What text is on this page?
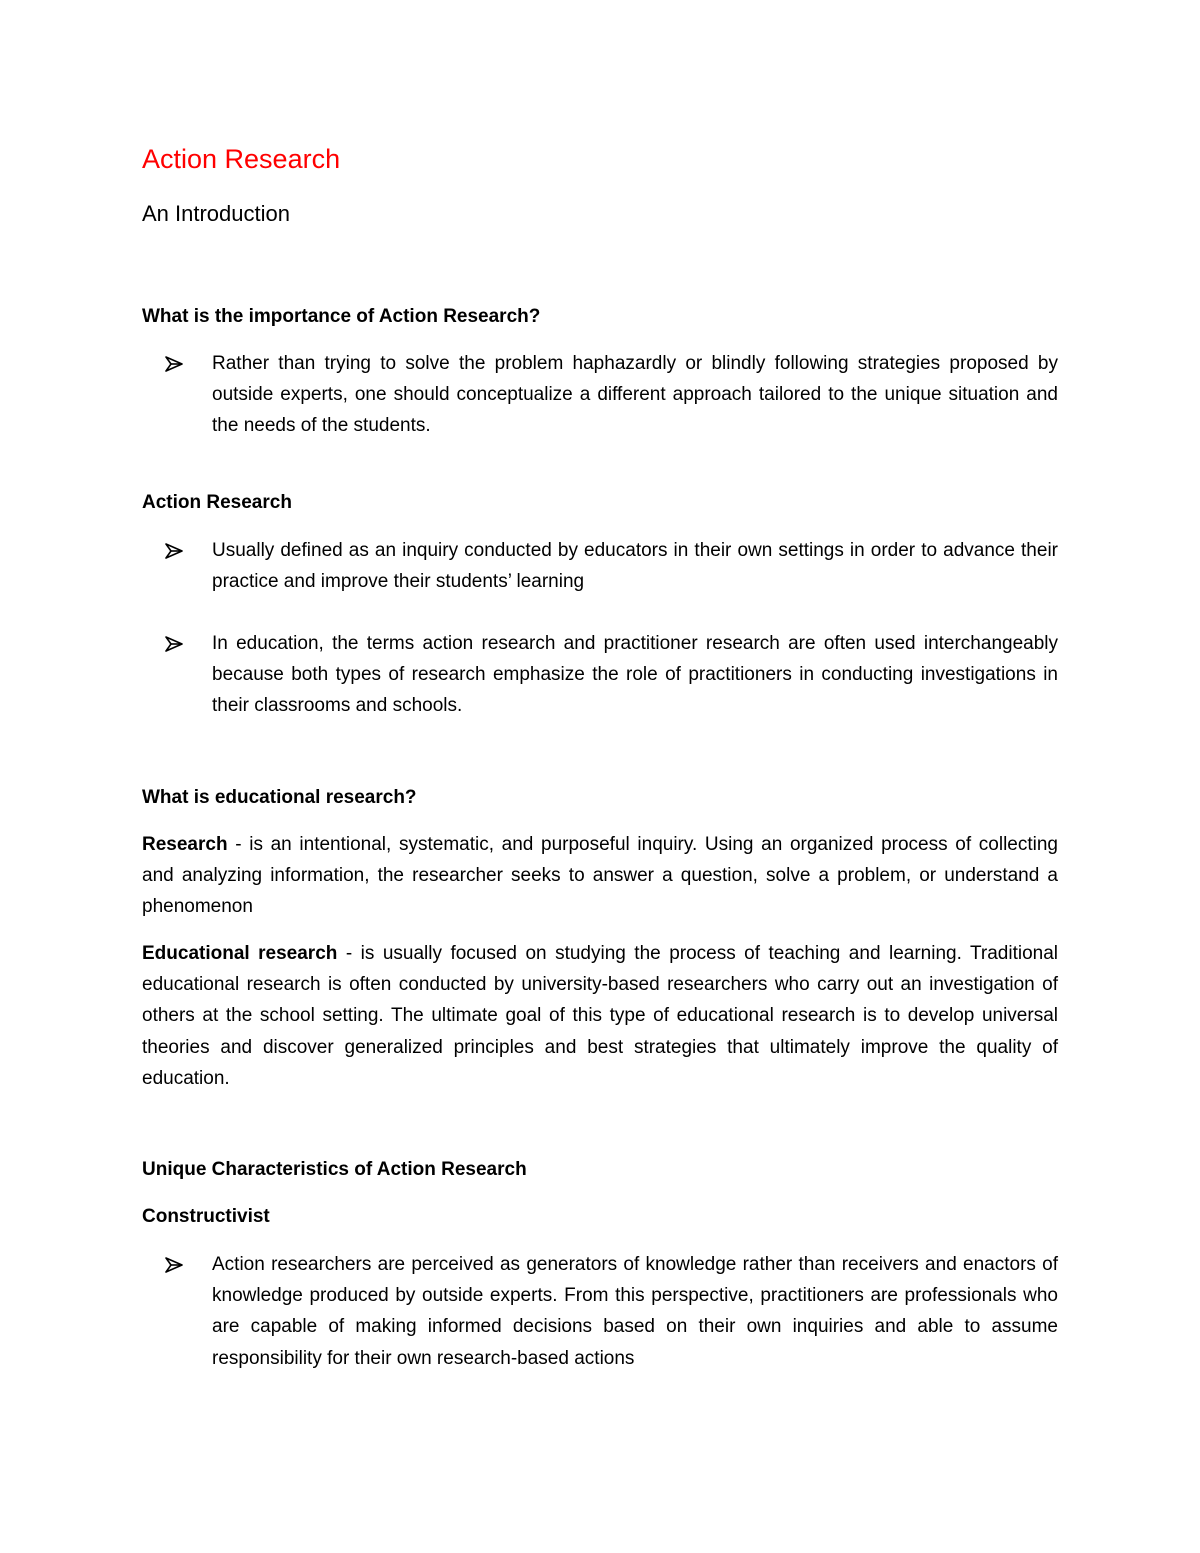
Action Research
An Introduction
What is the importance of Action Research?
Rather than trying to solve the problem haphazardly or blindly following strategies proposed by outside experts, one should conceptualize a different approach tailored to the unique situation and the needs of the students.
Action Research
Usually defined as an inquiry conducted by educators in their own settings in order to advance their practice and improve their students’ learning
In education, the terms action research and practitioner research are often used interchangeably because both types of research emphasize the role of practitioners in conducting investigations in their classrooms and schools.
What is educational research?
Research - is an intentional, systematic, and purposeful inquiry. Using an organized process of collecting and analyzing information, the researcher seeks to answer a question, solve a problem, or understand a phenomenon
Educational research - is usually focused on studying the process of teaching and learning. Traditional educational research is often conducted by university-based researchers who carry out an investigation of others at the school setting. The ultimate goal of this type of educational research is to develop universal theories and discover generalized principles and best strategies that ultimately improve the quality of education.
Unique Characteristics of Action Research
Constructivist
Action researchers are perceived as generators of knowledge rather than receivers and enactors of knowledge produced by outside experts. From this perspective, practitioners are professionals who are capable of making informed decisions based on their own inquiries and able to assume responsibility for their own research-based actions
